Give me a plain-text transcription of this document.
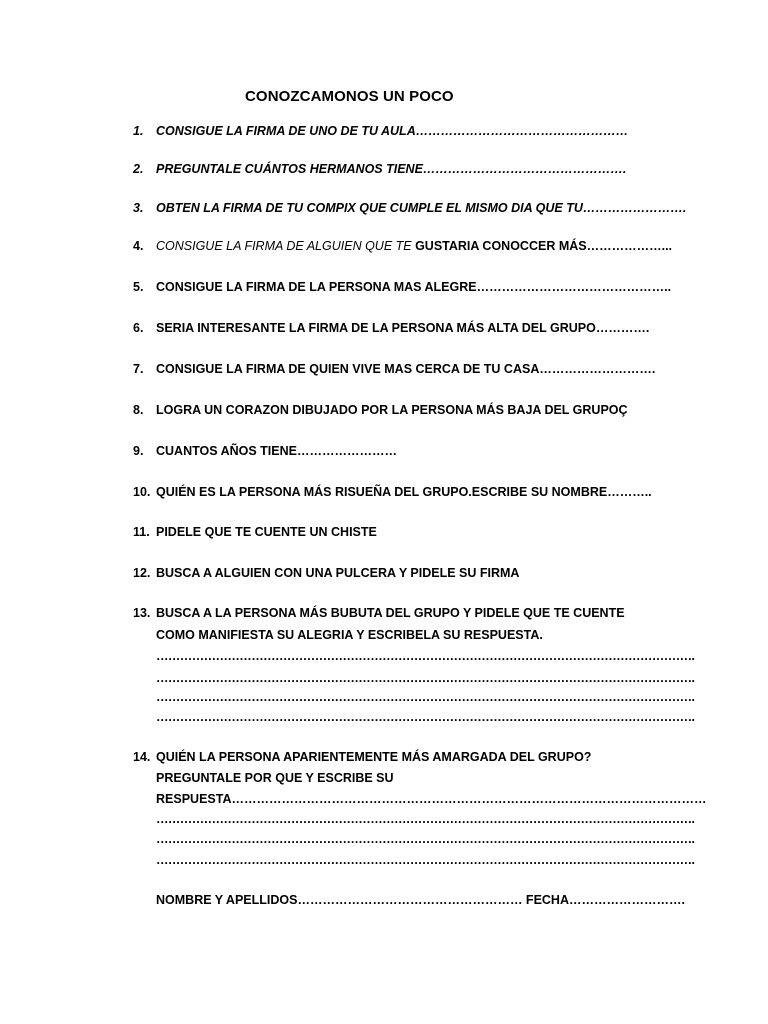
CONOZCAMONOS UN POCO
1. CONSIGUE LA FIRMA DE UNO DE TU AULA……………………………………………
2. PREGUNTALE CUÁNTOS HERMANOS TIENE………………………………………….
3. OBTEN LA FIRMA DE TU COMPIX QUE CUMPLE EL MISMO DIA QUE TU…………………….
4. CONSIGUE LA FIRMA DE ALGUIEN QUE TE GUSTARIA CONOCCER MÁS………………...
5. CONSIGUE LA FIRMA DE LA PERSONA MAS ALEGRE………………………………………..
6. SERIA INTERESANTE LA FIRMA DE LA PERSONA MÁS ALTA DEL GRUPO………….
7. CONSIGUE LA FIRMA DE QUIEN VIVE MAS CERCA DE TU CASA……………………….
8. LOGRA UN CORAZON DIBUJADO POR LA PERSONA MÁS BAJA DEL GRUPOÇ
9. CUANTOS AÑOS TIENE……………………
10. QUIÉN ES LA PERSONA MÁS RISUEÑA DEL GRUPO.ESCRIBE SU NOMBRE………..
11. PIDELE QUE TE CUENTE UN CHISTE
12. BUSCA A ALGUIEN CON UNA PULCERA Y PIDELE SU FIRMA
13. BUSCA A LA PERSONA MÁS BUBUTA DEL GRUPO Y PIDELE QUE TE CUENTE
COMO MANIFIESTA SU ALEGRIA Y ESCRIBELA SU RESPUESTA.
……………………………………………………………………………………………………………………….
……………………………………………………………………………………………………………………….
……………………………………………………………………………………………………………………….
……………………………………………………………………………………………………………………….
14. QUIÉN LA PERSONA APARIENTEMENTE MÁS AMARGADA DEL GRUPO?
PREGUNTALE POR QUE Y ESCRIBE SU
RESPUESTA……………………………………………………………………………………………………
……………………………………………………………………………………………………………………….
……………………………………………………………………………………………………………………….
……………………………………………………………………………………………………………………….
NOMBRE Y APELLIDOS……………………………………………… FECHA……………………….
